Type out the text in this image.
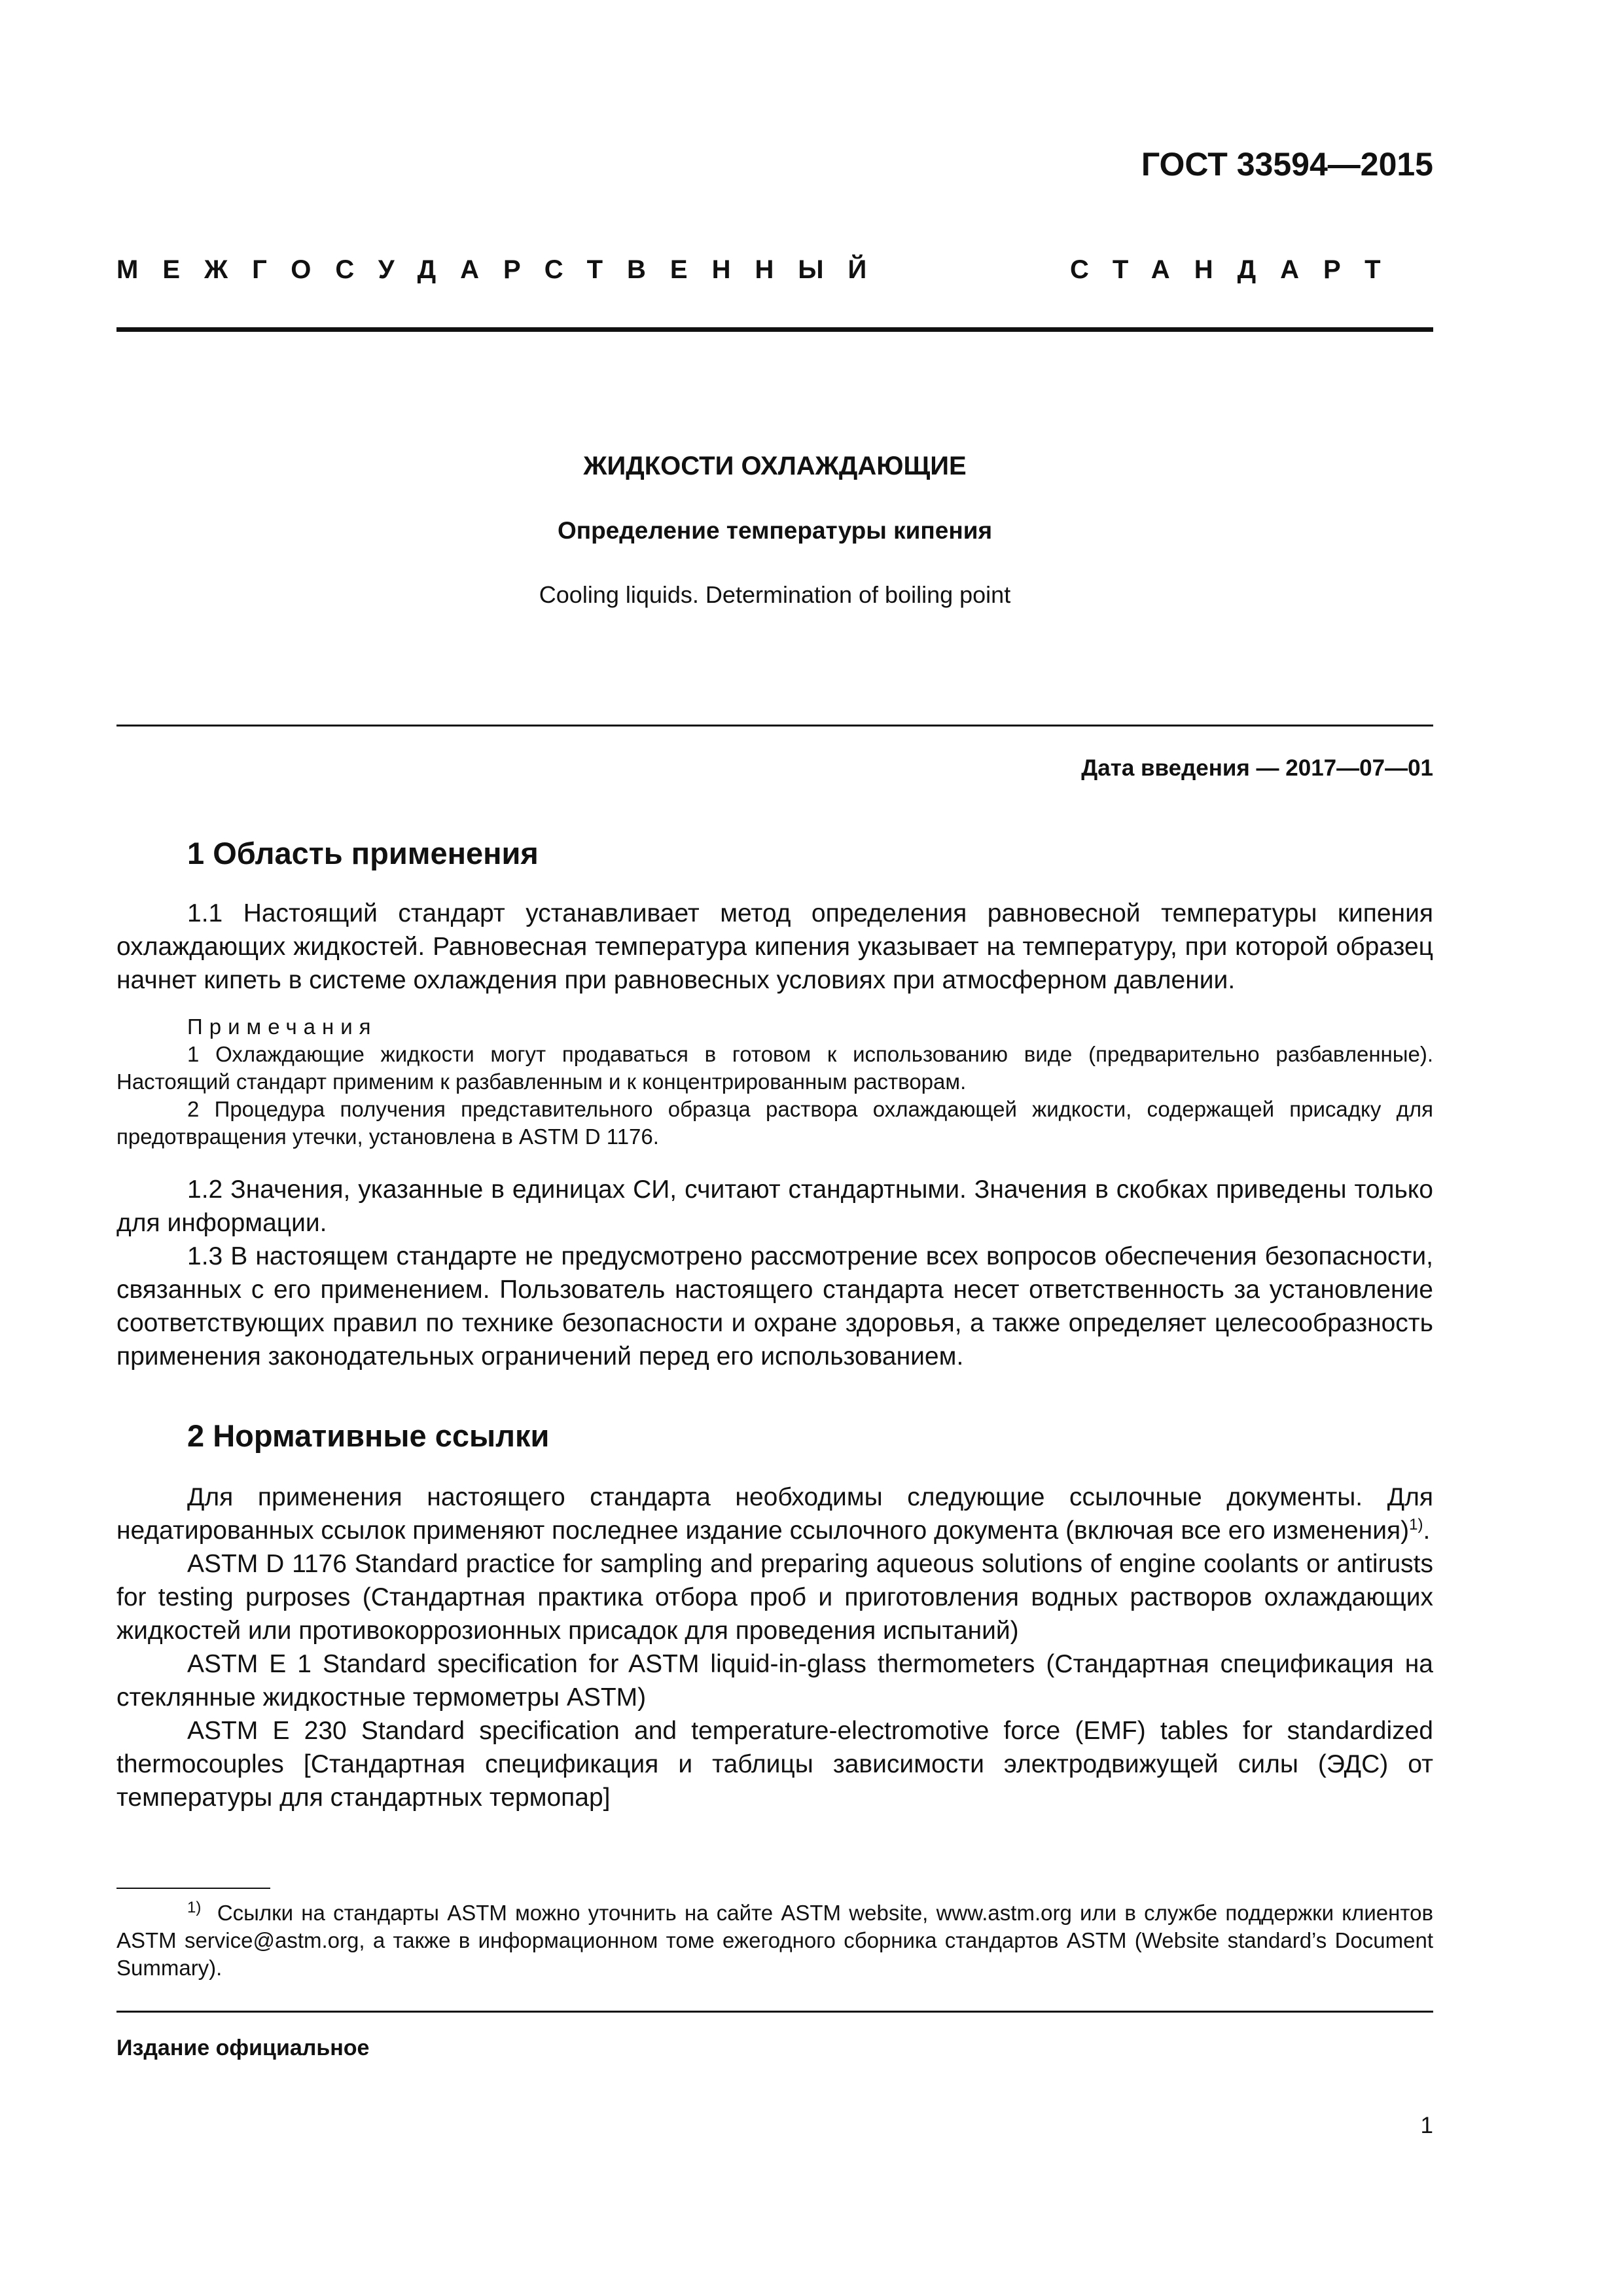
ГОСТ 33594—2015
МЕЖГОСУДАРСТВЕННЫЙ	СТАНДАРТ
ЖИДКОСТИ ОХЛАЖДАЮЩИЕ
Определение температуры кипения
Cooling liquids. Determination of boiling point
Дата введения — 2017—07—01
1 Область применения

1.1 Настоящий стандарт устанавливает метод определения равновесной температуры кипения охлаждающих жидкостей. Равновесная температура кипения указывает на температуру, при которой образец начнет кипеть в системе охлаждения при равновесных условиях при атмосферном давлении.

Примечания

1 Охлаждающие жидкости могут продаваться в готовом к использованию виде (предварительно разбавленные). Настоящий стандарт применим к разбавленным и к концентрированным растворам.

2 Процедура получения представительного образца раствора охлаждающей жидкости, содержащей присадку для предотвращения утечки, установлена в ASTM D 1176.

1.2 Значения, указанные в единицах СИ, считают стандартными. Значения в скобках приведены только для информации.

1.3 В настоящем стандарте не предусмотрено рассмотрение всех вопросов обеспечения безопасности, связанных с его применением. Пользователь настоящего стандарта несет ответственность за установление соответствующих правил по технике безопасности и охране здоровья, а также определяет целесообразность применения законодательных ограничений перед его использованием.

2 Нормативные ссылки

Для применения настоящего стандарта необходимы следующие ссылочные документы. Для недатированных ссылок применяют последнее издание ссылочного документа (включая все его изменения)$^{1)}$.

ASTM D 1176 Standard practice for sampling and preparing aqueous solutions of engine coolants or antirusts for testing purposes (Стандартная практика отбора проб и приготовления водных растворов охлаждающих жидкостей или противокоррозионных присадок для проведения испытаний)

ASTM E 1 Standard specification for ASTM liquid-in-glass thermometers (Стандартная спецификация на стеклянные жидкостные термометры ASTM)

ASTM E 230 Standard specification and temperature-electromotive force (EMF) tables for standardized thermocouples [Стандартная спецификация и таблицы зависимости электродвижущей силы (ЭДС) от температуры для стандартных термопар]

$^{1)}$ Ссылки на стандарты ASTM можно уточнить на сайте ASTM website, www.astm.org или в службе поддержки клиентов ASTM service@astm.org, а также в информационном томе ежегодного сборника стандартов ASTM (Website standard’s Document Summary).

Издание официальное
1
